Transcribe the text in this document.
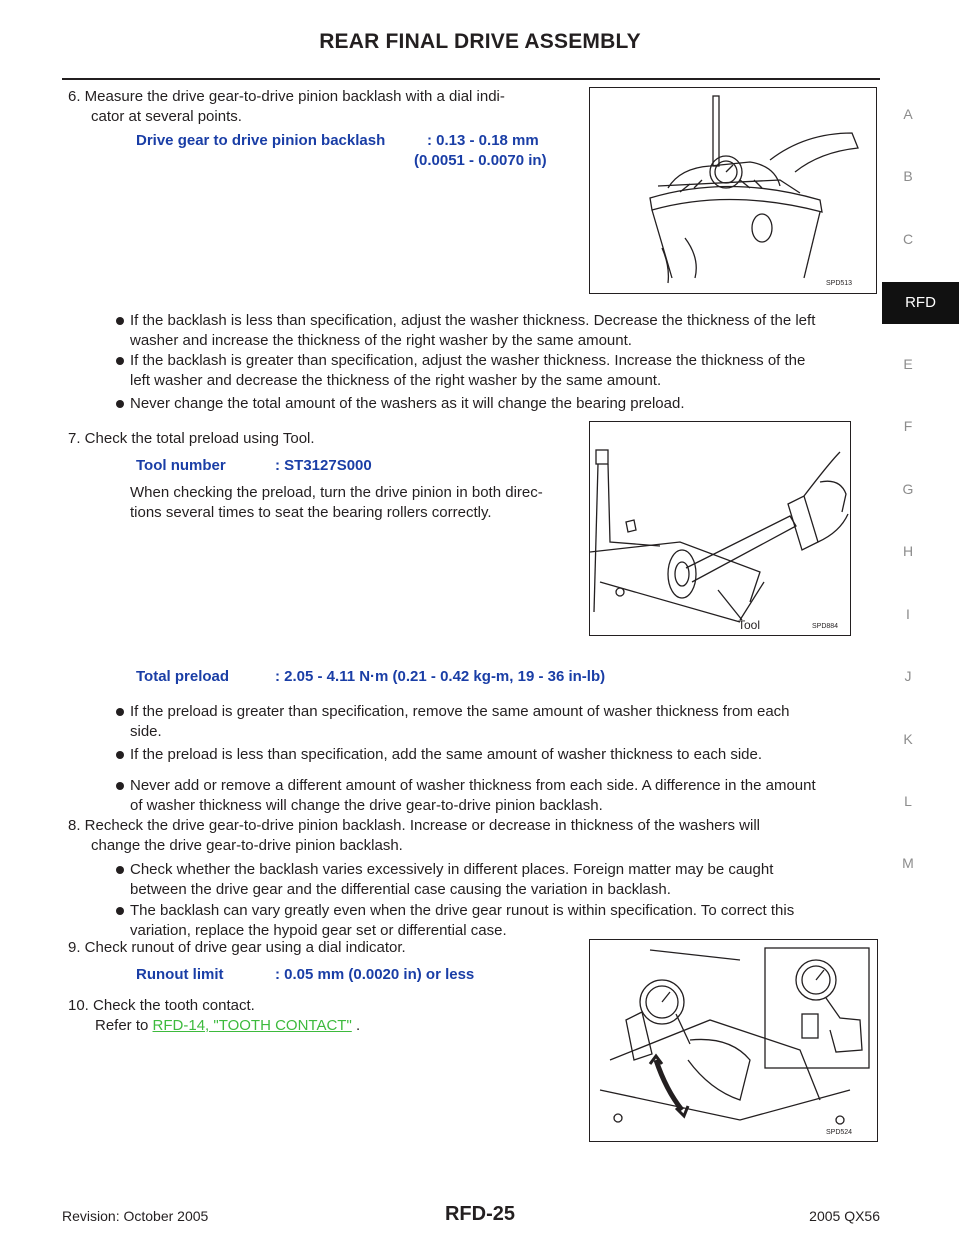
REAR FINAL DRIVE ASSEMBLY
A
B
C
RFD
E
F
G
H
I
J
K
L
M
6. Measure the drive gear-to-drive pinion backlash with a dial indi-
cator at several points.
Drive gear to drive pinion backlash	: 0.13 - 0.18 mm
(0.0051 - 0.0070 in)
SPD513
If the backlash is less than specification, adjust the washer thickness. Decrease the thickness of the left
washer and increase the thickness of the right washer by the same amount.
If the backlash is greater than specification, adjust the washer thickness. Increase the thickness of the
left washer and decrease the thickness of the right washer by the same amount.
Never change the total amount of the washers as it will change the bearing preload.
7. Check the total preload using Tool.
Tool number	: ST3127S000
When checking the preload, turn the drive pinion in both direc-
tions several times to seat the bearing rollers correctly.
Tool	SPD884
Total preload	: 2.05 - 4.11 N·m (0.21 - 0.42 kg-m, 19 - 36 in-lb)
If the preload is greater than specification, remove the same amount of washer thickness from each
side.
If the preload is less than specification, add the same amount of washer thickness to each side.
Never add or remove a different amount of washer thickness from each side. A difference in the amount
of washer thickness will change the drive gear-to-drive pinion backlash.
8. Recheck the drive gear-to-drive pinion backlash. Increase or decrease in thickness of the washers will
change the drive gear-to-drive pinion backlash.
Check whether the backlash varies excessively in different places. Foreign matter may be caught
between the drive gear and the differential case causing the variation in backlash.
The backlash can vary greatly even when the drive gear runout is within specification. To correct this
variation, replace the hypoid gear set or differential case.
9. Check runout of drive gear using a dial indicator.
Runout limit	: 0.05 mm (0.0020 in) or less
SPD524
10. Check the tooth contact.
Refer to RFD-14, "TOOTH CONTACT" .
Revision: October 2005	RFD-25	2005 QX56
